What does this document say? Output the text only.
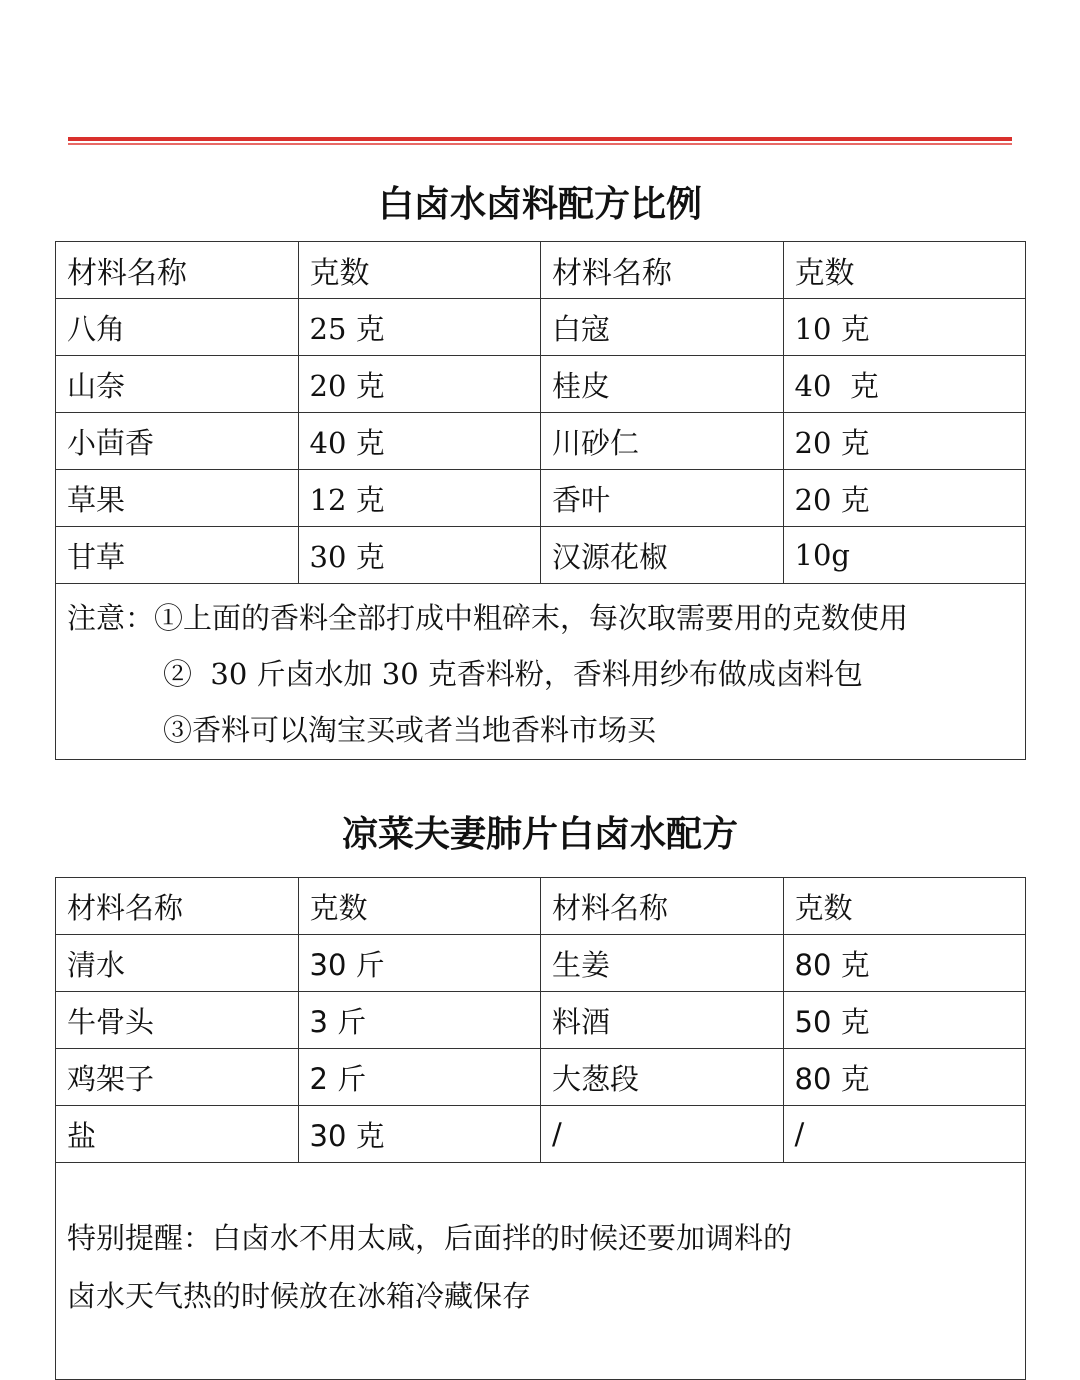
白卤水卤料配方比例
材料名称	克数	材料名称	克数
八角	25 克	白寇	10 克
山奈	20 克	桂皮	40  克
小茴香	40 克	川砂仁	20 克
草果	12 克	香叶	20 克
甘草	30 克	汉源花椒	10g

注意：①上面的香料全部打成中粗碎末，每次取需要用的克数使用
②  30 斤卤水加 30 克香料粉，香料用纱布做成卤料包
③香料可以淘宝买或者当地香料市场买			
凉菜夫妻肺片白卤水配方
材料名称	克数	材料名称	克数
清水	30 斤	生姜	80 克
牛骨头	3 斤	料酒	50 克
鸡架子	2 斤	大葱段	80 克
盐	30 克	/	/

特别提醒：白卤水不用太咸，后面拌的时候还要加调料的
卤水天气热的时候放在冰箱冷藏保存			
